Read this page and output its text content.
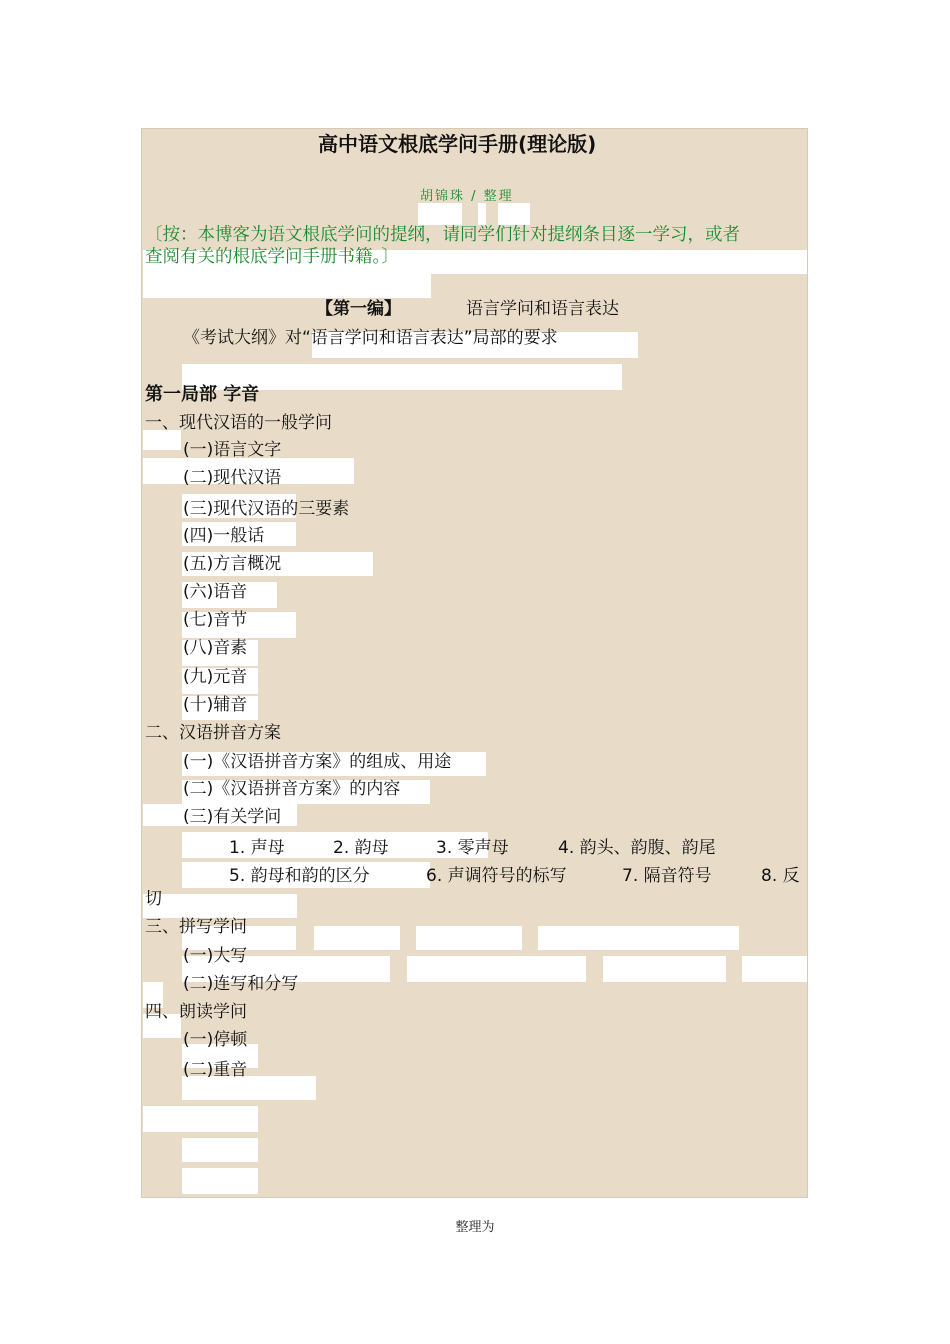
高中语文根底学问手册(理论版)
胡锦珠 / 整理
〔按：本博客为语文根底学问的提纲，请同学们针对提纲条目逐一学习，或者
查阅有关的根底学问手册书籍。〕
【第一编】	语言学问和语言表达
《考试大纲》对“语言学问和语言表达”局部的要求
第一局部 字音
一、现代汉语的一般学问
(一)语言文字
(二)现代汉语
(三)现代汉语的三要素
(四)一般话
(五)方言概况
(六)语音
(七)音节
(八)音素
(九)元音
(十)辅音
二、汉语拼音方案
(一)《汉语拼音方案》的组成、用途
(二)《汉语拼音方案》的内容
(三)有关学问
1. 声母	2. 韵母	3. 零声母	4. 韵头、韵腹、韵尾
5. 韵母和韵的区分	6. 声调符号的标写	7. 隔音符号	8. 反
切
三、拼写学问
(一)大写
(二)连写和分写
四、朗读学问
(一)停顿
(二)重音
整理为
